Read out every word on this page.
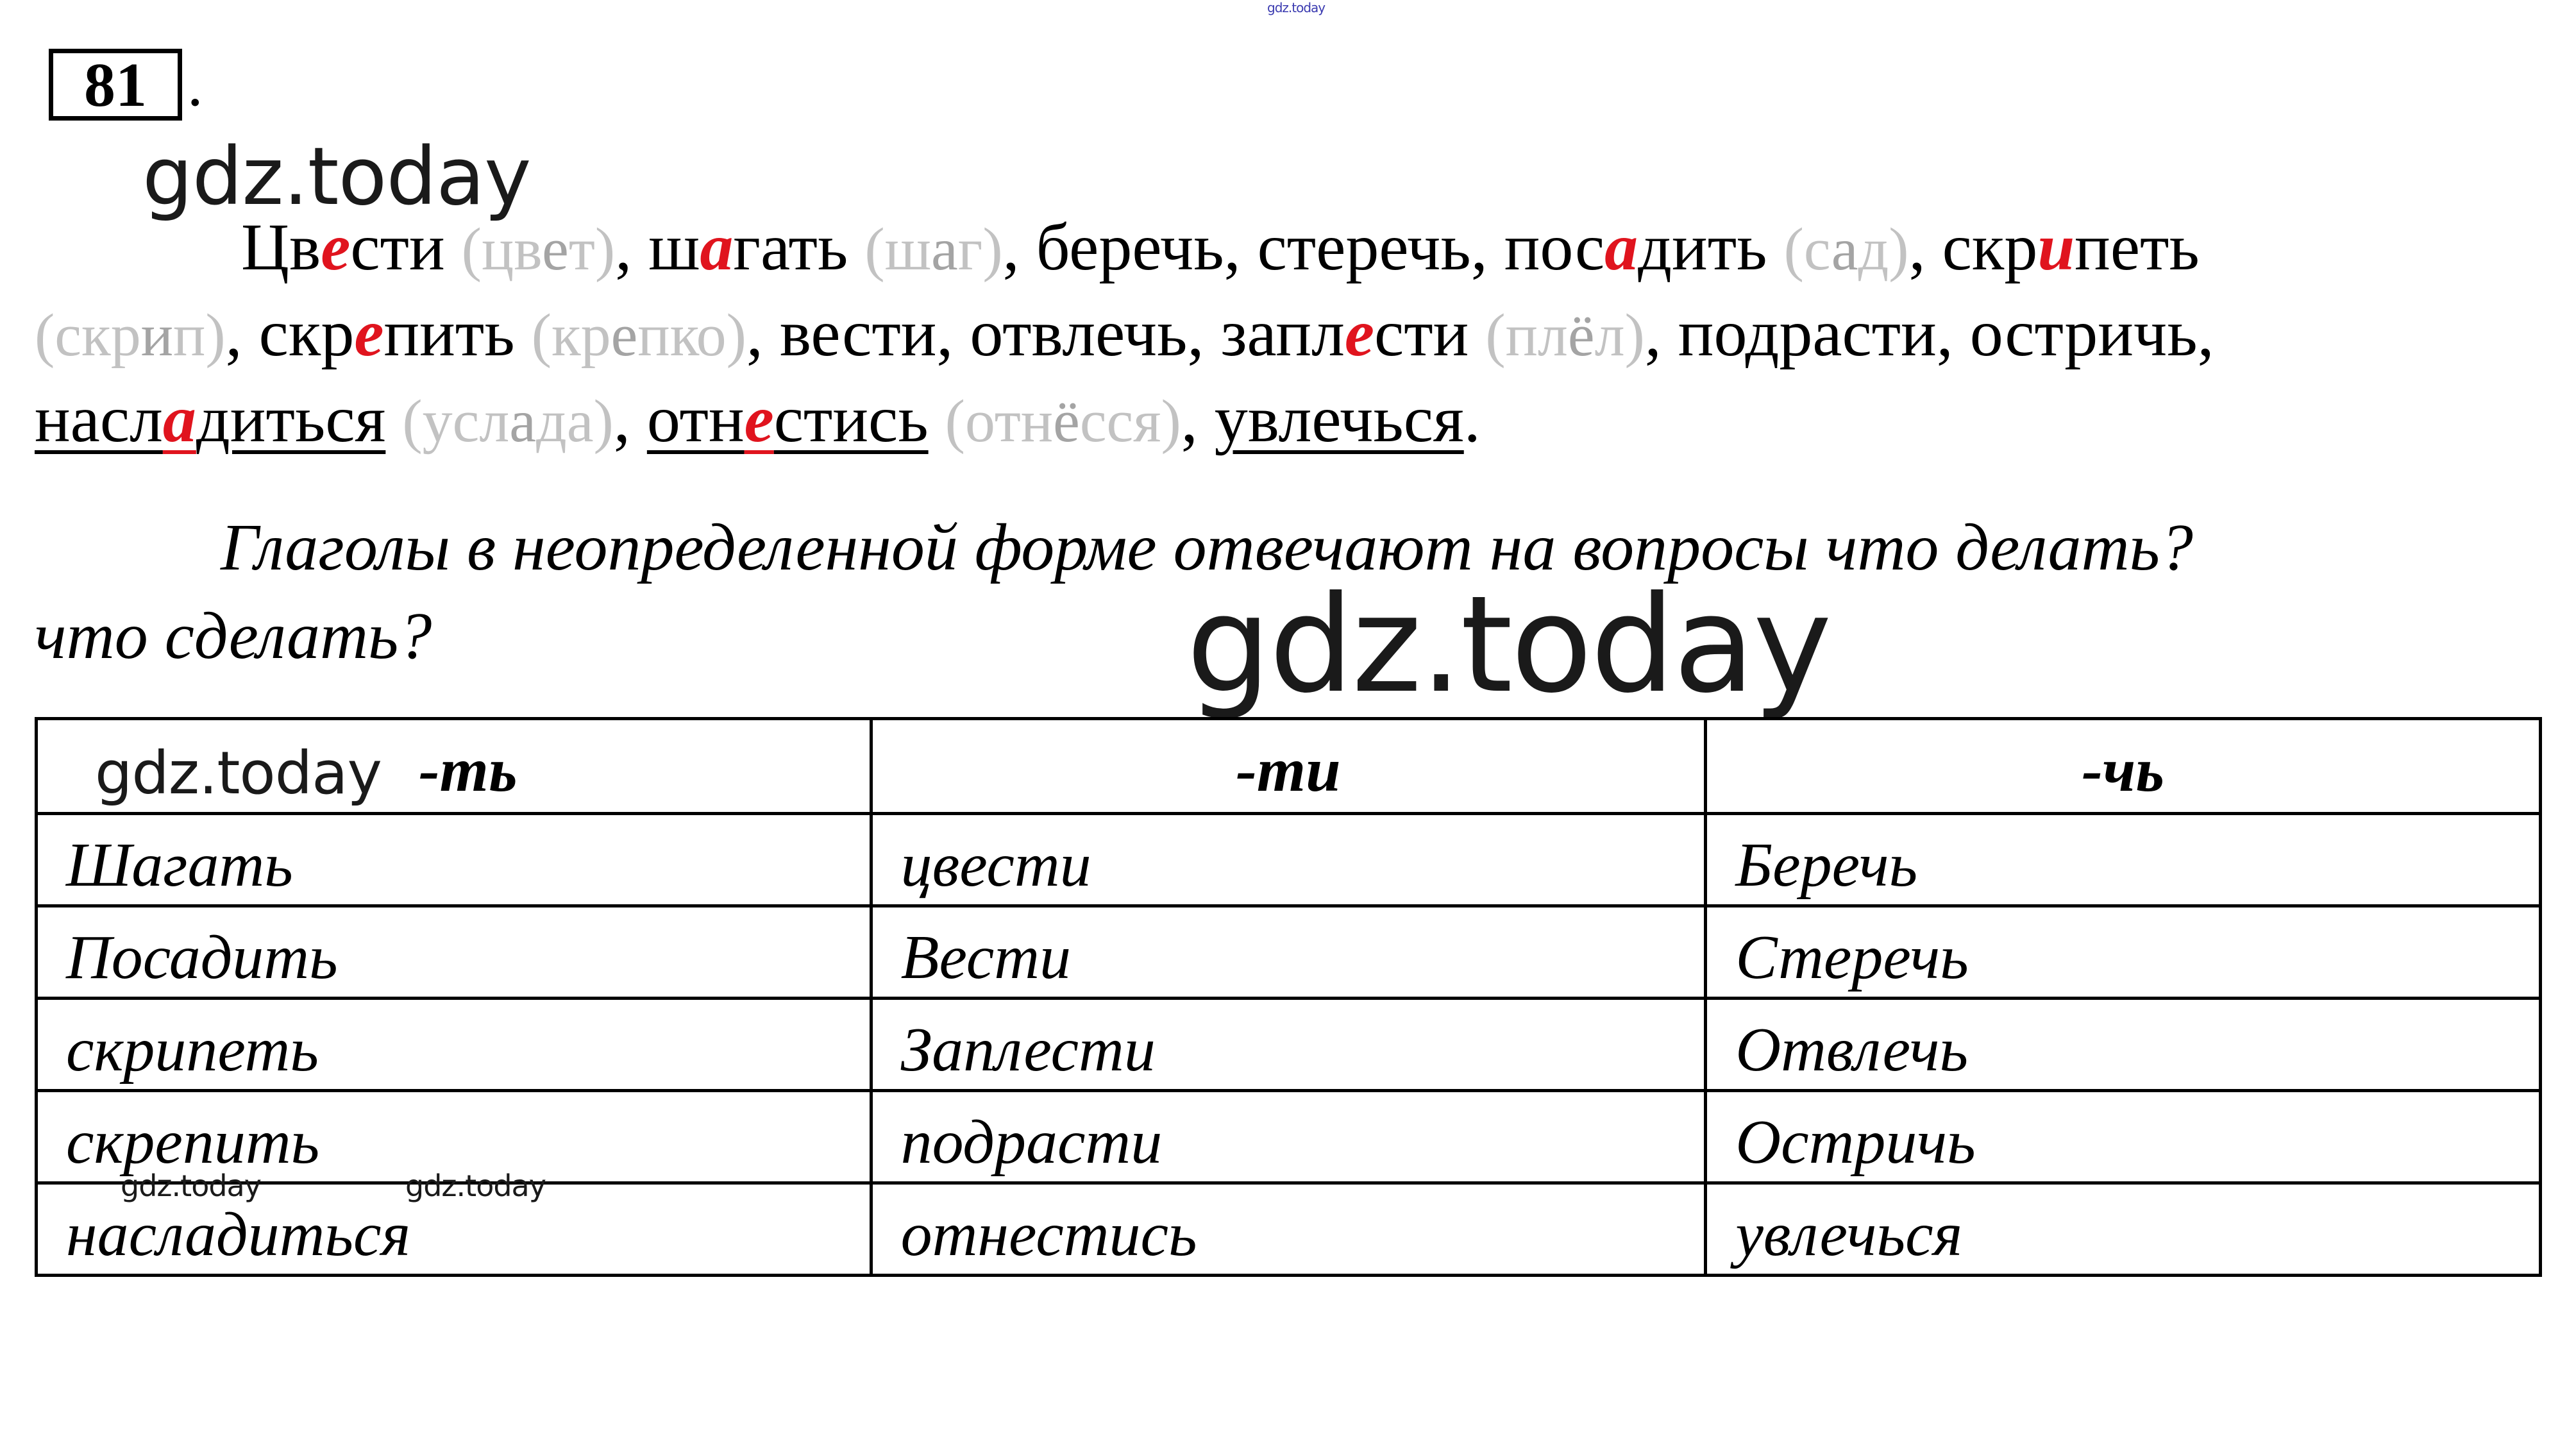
gdz.today
81 .
gdz.today
Цвести (цвет), шагать (шаг), беречь, стеречь, посадить (сад), скрипеть
(скрип), скрепить (крепко), вести, отвлечь, заплести (плёл), подрасти, остричь,
насладиться (услада), отнестись (отнёсся), увлечься.
Глаголы в неопределенной форме отвечают на вопросы что делать?
что сделать?	gdz.today
-ть	-ти	-чь
Шагать	цвести	Беречь
Посадить	Вести	Стеречь
скрипеть	Заплести	Отвлечь
скрепить	подрасти	Остричь
насладиться	отнестись	увлечься
gdz.today
gdz.today	gdz.today
